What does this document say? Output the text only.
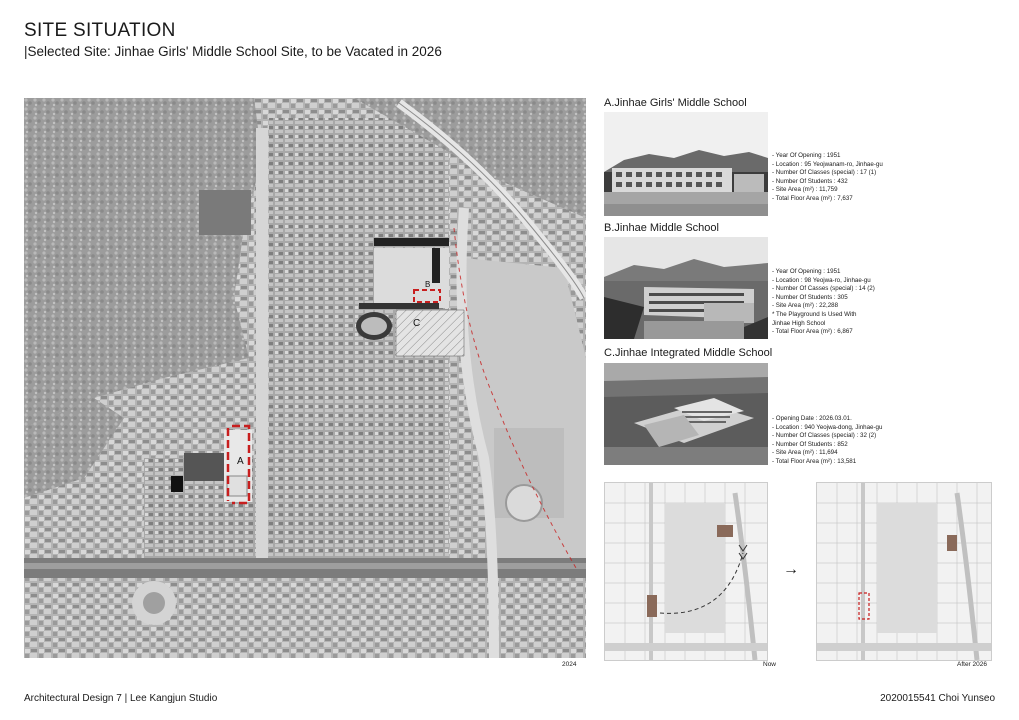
SITE SITUATION
|Selected Site: Jinhae Girls' Middle School Site, to be Vacated in 2026
C
B
A
2024
A.Jinhae Girls' Middle School
- Year Of Opening : 1951
- Location : 95 Yeojwanam-ro, Jinhae-gu
- Number Of Classes (special) : 17 (1)
- Number Of Students : 432
- Site Area (m²) : 11,759
- Total Floor Area (m²) : 7,637
B.Jinhae Middle School
- Year Of Opening : 1951
- Location : 98 Yeojwa-ro, Jinhae-gu
- Number Of Casses (special) : 14 (2)
- Number Of Students : 305
- Site Area (m²) : 22,288
* The Playground Is Used With
Jinhae High School
- Total Floor Area (m²) : 6,867
C.Jinhae Integrated Middle School
- Opening Date : 2026.03.01.
- Location : 940 Yeojwa-dong, Jinhae-gu
- Number Of Classes (special) : 32 (2)
- Number Of Students : 852
- Site Area (m²) : 11,694
- Total Floor Area (m²) : 13,581
→
Now	After 2026
Architectural Design 7 | Lee Kangjun Studio	2020015541 Choi Yunseo
